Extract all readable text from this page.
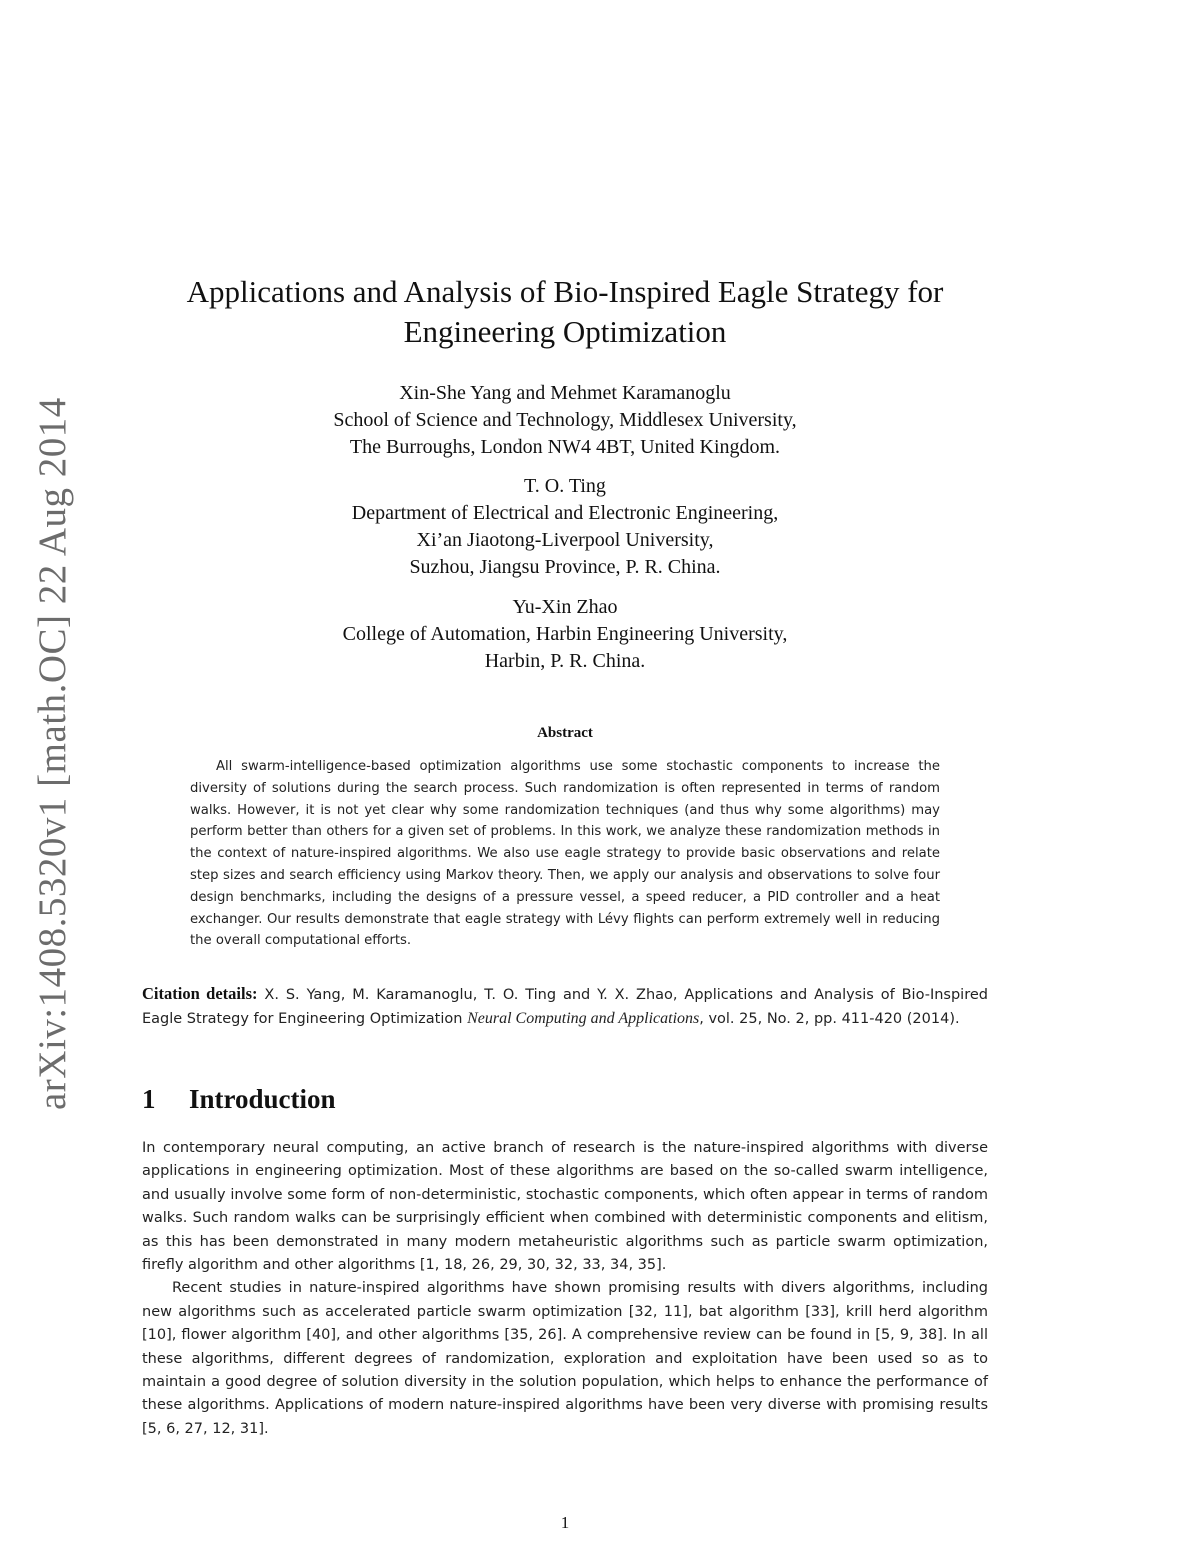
arXiv:1408.5320v1 [math.OC] 22 Aug 2014
Applications and Analysis of Bio-Inspired Eagle Strategy for
Engineering Optimization
Xin-She Yang and Mehmet Karamanoglu
School of Science and Technology, Middlesex University,
The Burroughs, London NW4 4BT, United Kingdom.
T. O. Ting
Department of Electrical and Electronic Engineering,
Xi’an Jiaotong-Liverpool University,
Suzhou, Jiangsu Province, P. R. China.
Yu-Xin Zhao
College of Automation, Harbin Engineering University,
Harbin, P. R. China.
Abstract
All swarm-intelligence-based optimization algorithms use some stochastic components to increase the diversity of solutions during the search process. Such randomization is often represented in terms of random walks. However, it is not yet clear why some randomization techniques (and thus why some algorithms) may perform better than others for a given set of problems. In this work, we analyze these randomization methods in the context of nature-inspired algorithms. We also use eagle strategy to provide basic observations and relate step sizes and search efficiency using Markov theory. Then, we apply our analysis and observations to solve four design benchmarks, including the designs of a pressure vessel, a speed reducer, a PID controller and a heat exchanger. Our results demonstrate that eagle strategy with Lévy flights can perform extremely well in reducing the overall computational efforts.
Citation details: X. S. Yang, M. Karamanoglu, T. O. Ting and Y. X. Zhao, Applications and Analysis of Bio-Inspired Eagle Strategy for Engineering Optimization Neural Computing and Applications, vol. 25, No. 2, pp. 411-420 (2014).
1 Introduction

In contemporary neural computing, an active branch of research is the nature-inspired algorithms with diverse applications in engineering optimization. Most of these algorithms are based on the so-called swarm intelligence, and usually involve some form of non-deterministic, stochastic components, which often appear in terms of random walks. Such random walks can be surprisingly efficient when combined with deterministic components and elitism, as this has been demonstrated in many modern metaheuristic algorithms such as particle swarm optimization, firefly algorithm and other algorithms [1, 18, 26, 29, 30, 32, 33, 34, 35].

Recent studies in nature-inspired algorithms have shown promising results with divers algorithms, including new algorithms such as accelerated particle swarm optimization [32, 11], bat algorithm [33], krill herd algorithm [10], flower algorithm [40], and other algorithms [35, 26]. A comprehensive review can be found in [5, 9, 38]. In all these algorithms, different degrees of randomization, exploration and exploitation have been used so as to maintain a good degree of solution diversity in the solution population, which helps to enhance the performance of these algorithms. Applications of modern nature-inspired algorithms have been very diverse with promising results [5, 6, 27, 12, 31].

1
